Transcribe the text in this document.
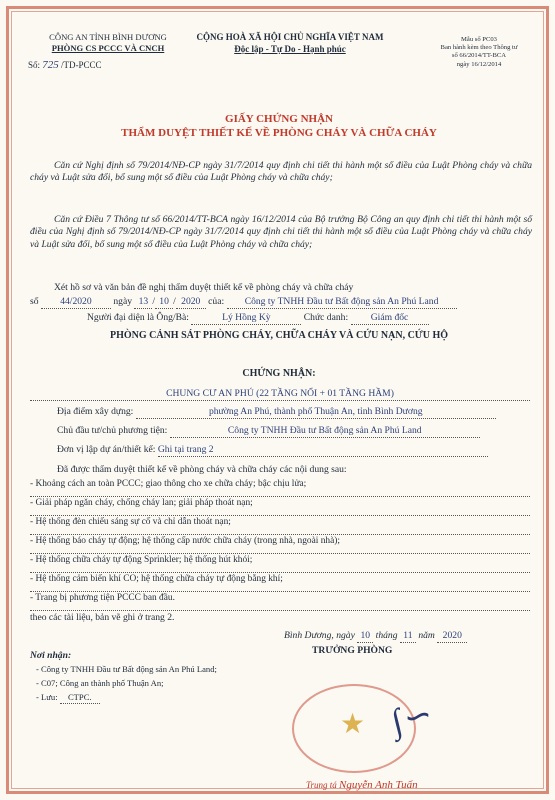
CÔNG AN TỈNH BÌNH DƯƠNG
PHÒNG CS PCCC VÀ CNCH
Số: 725 /TD-PCCC
CỘNG HOÀ XÃ HỘI CHỦ NGHĨA VIỆT NAM
Độc lập - Tự Do - Hạnh phúc
Mẫu số PC03
Ban hành kèm theo Thông tư
số 66/2014/TT-BCA
ngày 16/12/2014
GIẤY CHỨNG NHẬN
THẨM DUYỆT THIẾT KẾ VỀ PHÒNG CHÁY VÀ CHỮA CHÁY
Căn cứ Nghị định số 79/2014/NĐ-CP ngày 31/7/2014 quy định chi tiết thi hành một số điều của Luật Phòng cháy và chữa cháy và Luật sửa đổi, bổ sung một số điều của Luật Phòng cháy và chữa cháy;
Căn cứ Điều 7 Thông tư số 66/2014/TT-BCA ngày 16/12/2014 của Bộ trưởng Bộ Công an quy định chi tiết thi hành một số điều của Nghị định số 79/2014/NĐ-CP ngày 31/7/2014 quy định chi tiết thi hành một số điều của Luật Phòng cháy và chữa cháy và Luật sửa đổi, bổ sung một số điều của Luật Phòng cháy và chữa cháy;
Xét hồ sơ và văn bản đề nghị thẩm duyệt thiết kế về phòng cháy và chữa cháy
số 44/2020 ngày 13 / 10 / 2020 của: Công ty TNHH Đầu tư Bất động sản An Phú Land
Người đại diện là Ông/Bà:	Lý Hồng Kỳ	Chức danh: Giám đốc
PHÒNG CẢNH SÁT PHÒNG CHÁY, CHỮA CHÁY VÀ CỨU NẠN, CỨU HỘ
CHỨNG NHẬN:
CHUNG CƯ AN PHÚ (22 TẦNG NỔI + 01 TẦNG HẦM)
Địa điểm xây dựng:	phường An Phú, thành phố Thuận An, tỉnh Bình Dương
Chủ đầu tư/chủ phương tiện:	Công ty TNHH Đầu tư Bất động sản An Phú Land
Đơn vị lập dự án/thiết kế: Ghi tại trang 2
Đã được thẩm duyệt thiết kế về phòng cháy và chữa cháy các nội dung sau:
- Khoảng cách an toàn PCCC; giao thông cho xe chữa cháy; bậc chịu lửa;
- Giải pháp ngăn cháy, chống cháy lan; giải pháp thoát nạn;
- Hệ thống đèn chiếu sáng sự cố và chỉ dẫn thoát nạn;
- Hệ thống báo cháy tự động; hệ thống cấp nước chữa cháy (trong nhà, ngoài nhà);
- Hệ thống chữa cháy tự động Sprinkler; hệ thống hút khói;
- Hệ thống cảm biến khí CO; hệ thống chữa cháy tự động bằng khí;
- Trang bị phương tiện PCCC ban đầu.
theo các tài liệu, bản vẽ ghi ở trang 2.
Bình Dương, ngày 10 tháng 11 năm 2020
TRƯỞNG PHÒNG
Nơi nhận:
- Công ty TNHH Đầu tư Bất động sản An Phú Land;
- C07; Công an thành phố Thuận An;
- Lưu: CTPC.
★ ∫∽
Trung tá Nguyễn Anh Tuấn
